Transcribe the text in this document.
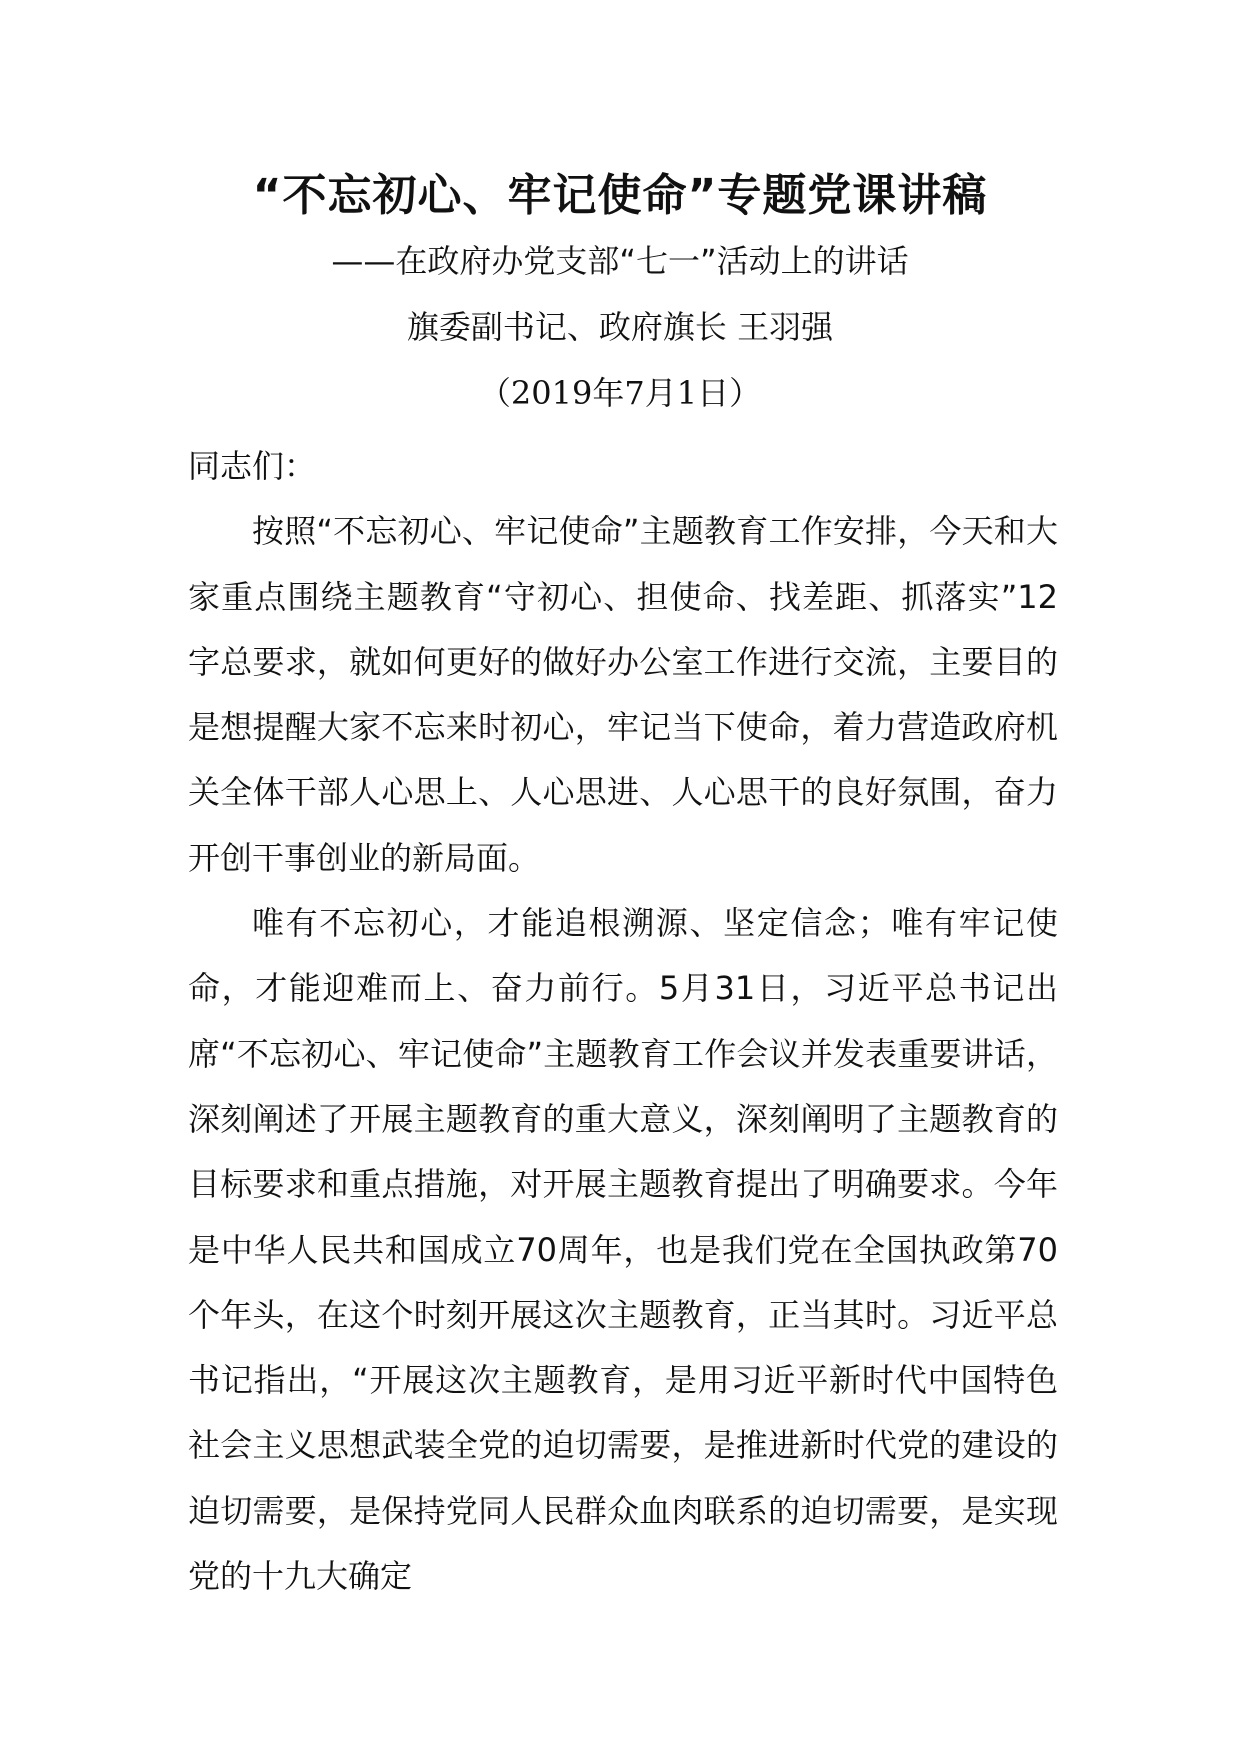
“不忘初心、牢记使命”专题党课讲稿
——在政府办党支部“七一”活动上的讲话
旗委副书记、政府旗长 王羽强
（2019年7月1日）

同志们：

按照“不忘初心、牢记使命”主题教育工作安排，今天和大家重点围绕主题教育“守初心、担使命、找差距、抓落实”12字总要求，就如何更好的做好办公室工作进行交流，主要目的是想提醒大家不忘来时初心，牢记当下使命，着力营造政府机关全体干部人心思上、人心思进、人心思干的良好氛围，奋力开创干事创业的新局面。

唯有不忘初心，才能追根溯源、坚定信念；唯有牢记使命，才能迎难而上、奋力前行。5月31日，习近平总书记出席“不忘初心、牢记使命”主题教育工作会议并发表重要讲话，深刻阐述了开展主题教育的重大意义，深刻阐明了主题教育的目标要求和重点措施，对开展主题教育提出了明确要求。今年是中华人民共和国成立70周年，也是我们党在全国执政第70个年头，在这个时刻开展这次主题教育，正当其时。习近平总书记指出，“开展这次主题教育，是用习近平新时代中国特色社会主义思想武装全党的迫切需要，是推进新时代党的建设的迫切需要，是保持党同人民群众血肉联系的迫切需要，是实现党的十九大确定
